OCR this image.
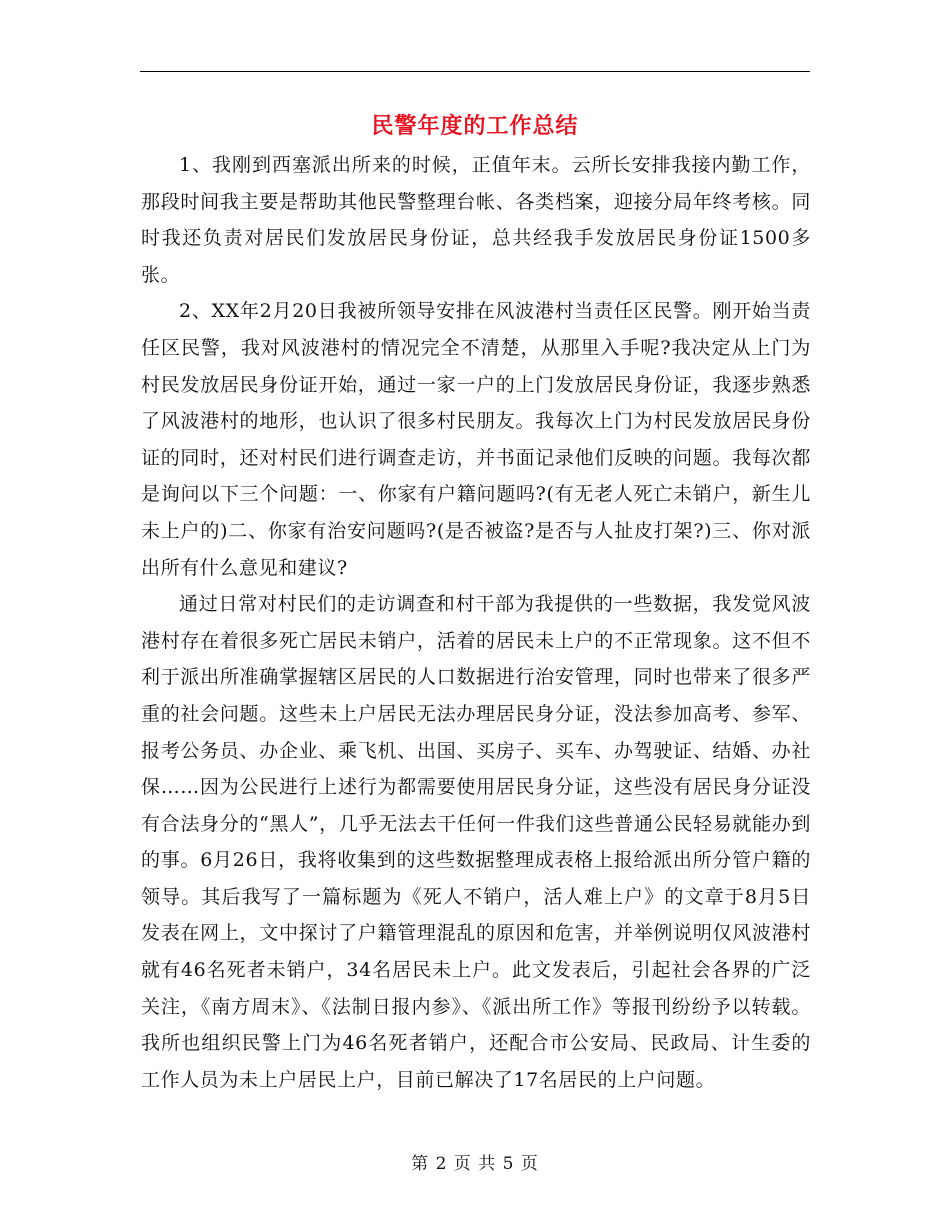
民警年度的工作总结

1、我刚到西塞派出所来的时候，正值年末。云所长安排我接内勤工作，那段时间我主要是帮助其他民警整理台帐、各类档案，迎接分局年终考核。同时我还负责对居民们发放居民身份证，总共经我手发放居民身份证1500多张。

2、XX年2月20日我被所领导安排在风波港村当责任区民警。刚开始当责任区民警，我对风波港村的情况完全不清楚，从那里入手呢?我决定从上门为村民发放居民身份证开始，通过一家一户的上门发放居民身份证，我逐步熟悉了风波港村的地形，也认识了很多村民朋友。我每次上门为村民发放居民身份证的同时，还对村民们进行调查走访，并书面记录他们反映的问题。我每次都是询问以下三个问题：一、你家有户籍问题吗?(有无老人死亡未销户，新生儿未上户的)二、你家有治安问题吗?(是否被盗?是否与人扯皮打架?)三、你对派出所有什么意见和建议?

通过日常对村民们的走访调查和村干部为我提供的一些数据，我发觉风波港村存在着很多死亡居民未销户，活着的居民未上户的不正常现象。这不但不利于派出所准确掌握辖区居民的人口数据进行治安管理，同时也带来了很多严重的社会问题。这些未上户居民无法办理居民身分证，没法参加高考、参军、报考公务员、办企业、乘飞机、出国、买房子、买车、办驾驶证、结婚、办社保……因为公民进行上述行为都需要使用居民身分证，这些没有居民身分证没有合法身分的“黑人”，几乎无法去干任何一件我们这些普通公民轻易就能办到的事。6月26日，我将收集到的这些数据整理成表格上报给派出所分管户籍的领导。其后我写了一篇标题为《死人不销户，活人难上户》的文章于8月5日发表在网上，文中探讨了户籍管理混乱的原因和危害，并举例说明仅风波港村就有46名死者未销户，34名居民未上户。此文发表后，引起社会各界的广泛关注，《南方周末》、《法制日报内参》、《派出所工作》等报刊纷纷予以转载。我所也组织民警上门为46名死者销户，还配合市公安局、民政局、计生委的工作人员为未上户居民上户，目前已解决了17名居民的上户问题。

第 2 页 共 5 页
